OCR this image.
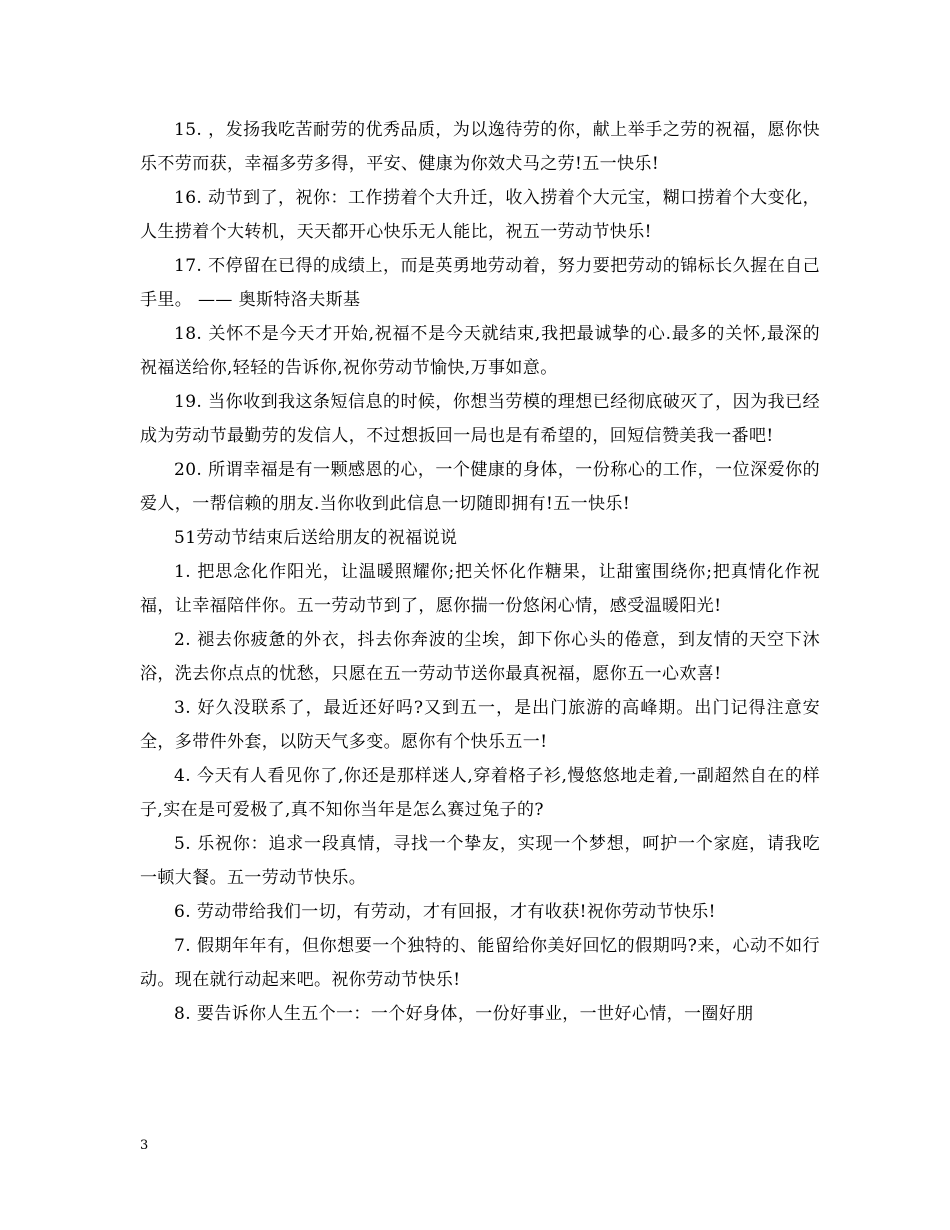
15. ，发扬我吃苦耐劳的优秀品质，为以逸待劳的你，献上举手之劳的祝福，愿你快乐不劳而获，幸福多劳多得，平安、健康为你效犬马之劳!五一快乐!

16. 动节到了，祝你：工作捞着个大升迁，收入捞着个大元宝，糊口捞着个大变化，人生捞着个大转机，天天都开心快乐无人能比，祝五一劳动节快乐!

17. 不停留在已得的成绩上，而是英勇地劳动着，努力要把劳动的锦标长久握在自己手里。 —— 奥斯特洛夫斯基

18. 关怀不是今天才开始,祝福不是今天就结束,我把最诚挚的心.最多的关怀,最深的祝福送给你,轻轻的告诉你,祝你劳动节愉快,万事如意。

19. 当你收到我这条短信息的时候，你想当劳模的理想已经彻底破灭了，因为我已经成为劳动节最勤劳的发信人，不过想扳回一局也是有希望的，回短信赞美我一番吧!

20. 所谓幸福是有一颗感恩的心，一个健康的身体，一份称心的工作，一位深爱你的爱人，一帮信赖的朋友.当你收到此信息一切随即拥有!五一快乐!

51劳动节结束后送给朋友的祝福说说

1. 把思念化作阳光，让温暖照耀你;把关怀化作糖果，让甜蜜围绕你;把真情化作祝福，让幸福陪伴你。五一劳动节到了，愿你揣一份悠闲心情，感受温暖阳光!

2. 褪去你疲惫的外衣，抖去你奔波的尘埃，卸下你心头的倦意，到友情的天空下沐浴，洗去你点点的忧愁，只愿在五一劳动节送你最真祝福，愿你五一心欢喜!

3. 好久没联系了，最近还好吗?又到五一，是出门旅游的高峰期。出门记得注意安全，多带件外套，以防天气多变。愿你有个快乐五一!

4. 今天有人看见你了,你还是那样迷人,穿着格子衫,慢悠悠地走着,一副超然自在的样子,实在是可爱极了,真不知你当年是怎么赛过兔子的?

5. 乐祝你：追求一段真情，寻找一个挚友，实现一个梦想，呵护一个家庭，请我吃一顿大餐。五一劳动节快乐。

6. 劳动带给我们一切，有劳动，才有回报，才有收获!祝你劳动节快乐!

7. 假期年年有，但你想要一个独特的、能留给你美好回忆的假期吗?来，心动不如行动。现在就行动起来吧。祝你劳动节快乐!

8. 要告诉你人生五个一：一个好身体，一份好事业，一世好心情，一圈好朋

3
